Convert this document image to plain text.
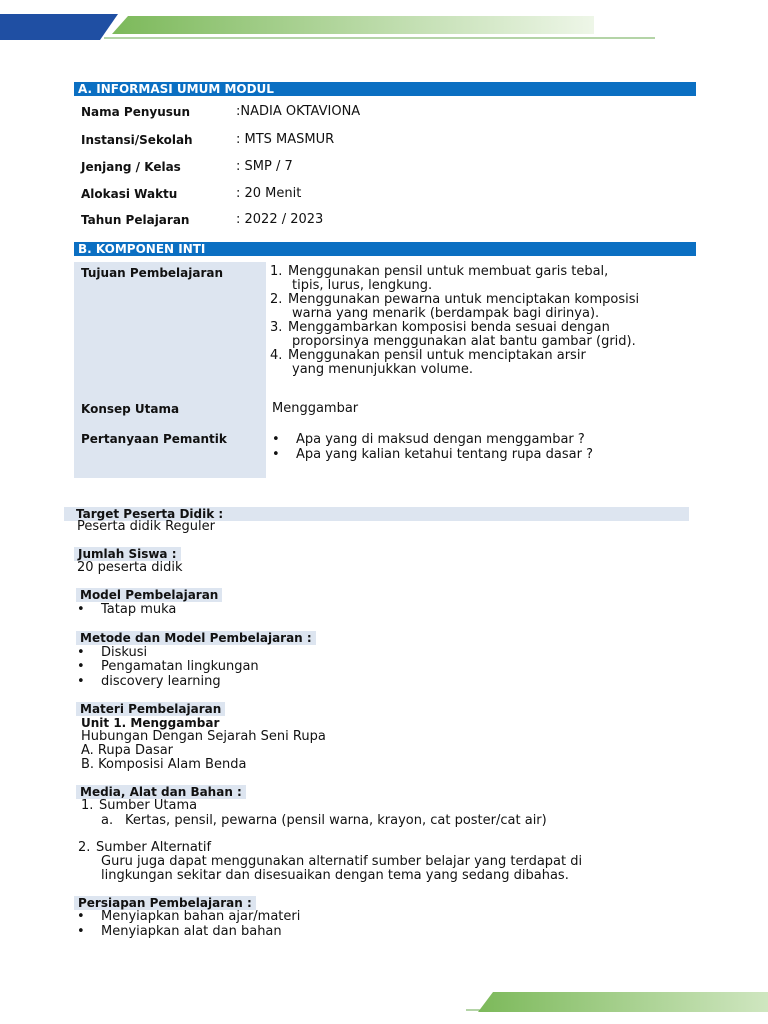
A. INFORMASI UMUM MODUL
Nama Penyusun	:NADIA OKTAVIONA
Instansi/Sekolah	: MTS MASMUR
Jenjang / Kelas	: SMP / 7
Alokasi Waktu	: 20 Menit
Tahun Pelajaran	: 2022 / 2023
B. KOMPONEN INTI
Tujuan Pembelajaran	1. Menggunakan pensil untuk membuat garis tebal,
tipis, lurus, lengkung.
2. Menggunakan pewarna untuk menciptakan komposisi
warna yang menarik (berdampak bagi dirinya).
3. Menggambarkan komposisi benda sesuai dengan
proporsinya menggunakan alat bantu gambar (grid).
4. Menggunakan pensil untuk menciptakan arsir
yang menunjukkan volume.
Konsep Utama	Menggambar
Pertanyaan Pemantik	• Apa yang di maksud dengan menggambar ?
• Apa yang kalian ketahui tentang rupa dasar ?
Target Peserta Didik :
Peserta didik Reguler
Jumlah Siswa :
20 peserta didik
Model Pembelajaran
• Tatap muka
Metode dan Model Pembelajaran :
• Diskusi
• Pengamatan lingkungan
• discovery learning
Materi Pembelajaran
Unit 1. Menggambar
Hubungan Dengan Sejarah Seni Rupa
A. Rupa Dasar
B. Komposisi Alam Benda
Media, Alat dan Bahan :
1. Sumber Utama
a. Kertas, pensil, pewarna (pensil warna, krayon, cat poster/cat air)
2. Sumber Alternatif
Guru juga dapat menggunakan alternatif sumber belajar yang terdapat di
lingkungan sekitar dan disesuaikan dengan tema yang sedang dibahas.
Persiapan Pembelajaran :
• Menyiapkan bahan ajar/materi
• Menyiapkan alat dan bahan
